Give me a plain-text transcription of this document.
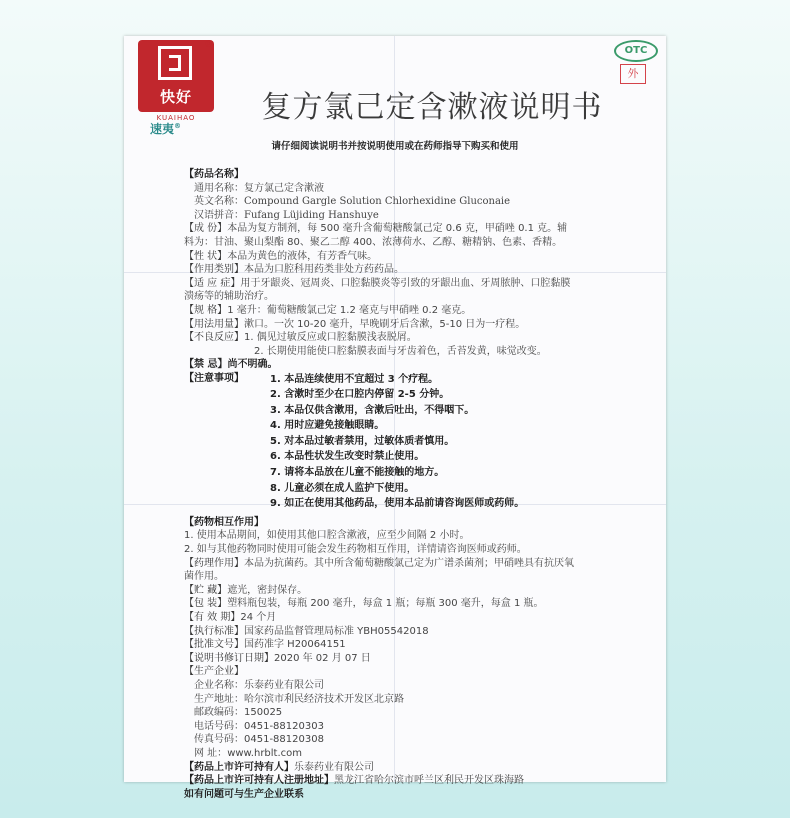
快好
®
KUAIHAO
速夷®
复方氯己定含漱液说明书
OTC
外
请仔细阅读说明书并按说明使用或在药师指导下购买和使用
【药品名称】
通用名称：复方氯己定含漱液
英文名称：Compound Gargle Solution Chlorhexidine Gluconaie
汉语拼音：Fufang Lüjiding Hanshuye
【成 份】本品为复方制剂，每 500 毫升含葡萄糖酸氯己定 0.6 克，甲硝唑 0.1 克。辅
料为：甘油、聚山梨酯 80、聚乙二醇 400、浓薄荷水、乙醇、糖精钠、色素、香精。
【性 状】本品为黄色的液体，有芳香气味。
【作用类别】本品为口腔科用药类非处方药药品。
【适 应 症】用于牙龈炎、冠周炎、口腔黏膜炎等引致的牙龈出血、牙周脓肿、口腔黏膜
溃疡等的辅助治疗。
【规 格】1 毫升：葡萄糖酸氯己定 1.2 毫克与甲硝唑 0.2 毫克。
【用法用量】漱口。一次 10-20 毫升，早晚刷牙后含漱，5-10 日为一疗程。
【不良反应】1. 偶见过敏反应或口腔黏膜浅表脱屑。
2. 长期使用能使口腔黏膜表面与牙齿着色，舌苔发黄，味觉改变。
【禁 忌】尚不明确。
【注意事项】	1. 本品连续使用不宜超过 3 个疗程。
2. 含漱时至少在口腔内停留 2-5 分钟。
3. 本品仅供含漱用，含漱后吐出，不得咽下。
4. 用时应避免接触眼睛。
5. 对本品过敏者禁用，过敏体质者慎用。
6. 本品性状发生改变时禁止使用。
7. 请将本品放在儿童不能接触的地方。
8. 儿童必须在成人监护下使用。
9. 如正在使用其他药品，使用本品前请咨询医师或药师。
【药物相互作用】
1. 使用本品期间，如使用其他口腔含漱液，应至少间隔 2 小时。
2. 如与其他药物同时使用可能会发生药物相互作用，详情请咨询医师或药师。
【药理作用】本品为抗菌药。其中所含葡萄糖酸氯己定为广谱杀菌剂；甲硝唑具有抗厌氧
菌作用。
【贮 藏】遮光，密封保存。
【包 装】塑料瓶包装，每瓶 200 毫升，每盒 1 瓶；每瓶 300 毫升，每盒 1 瓶。
【有 效 期】24 个月
【执行标准】国家药品监督管理局标准 YBH05542018
【批准文号】国药准字 H20064151
【说明书修订日期】2020 年 02 月 07 日
【生产企业】
企业名称：乐泰药业有限公司
生产地址：哈尔滨市利民经济技术开发区北京路
邮政编码：150025
电话号码：0451-88120303
传真号码：0451-88120308
网 址：www.hrblt.com
【药品上市许可持有人】乐泰药业有限公司
【药品上市许可持有人注册地址】黑龙江省哈尔滨市呼兰区利民开发区珠海路
如有问题可与生产企业联系
